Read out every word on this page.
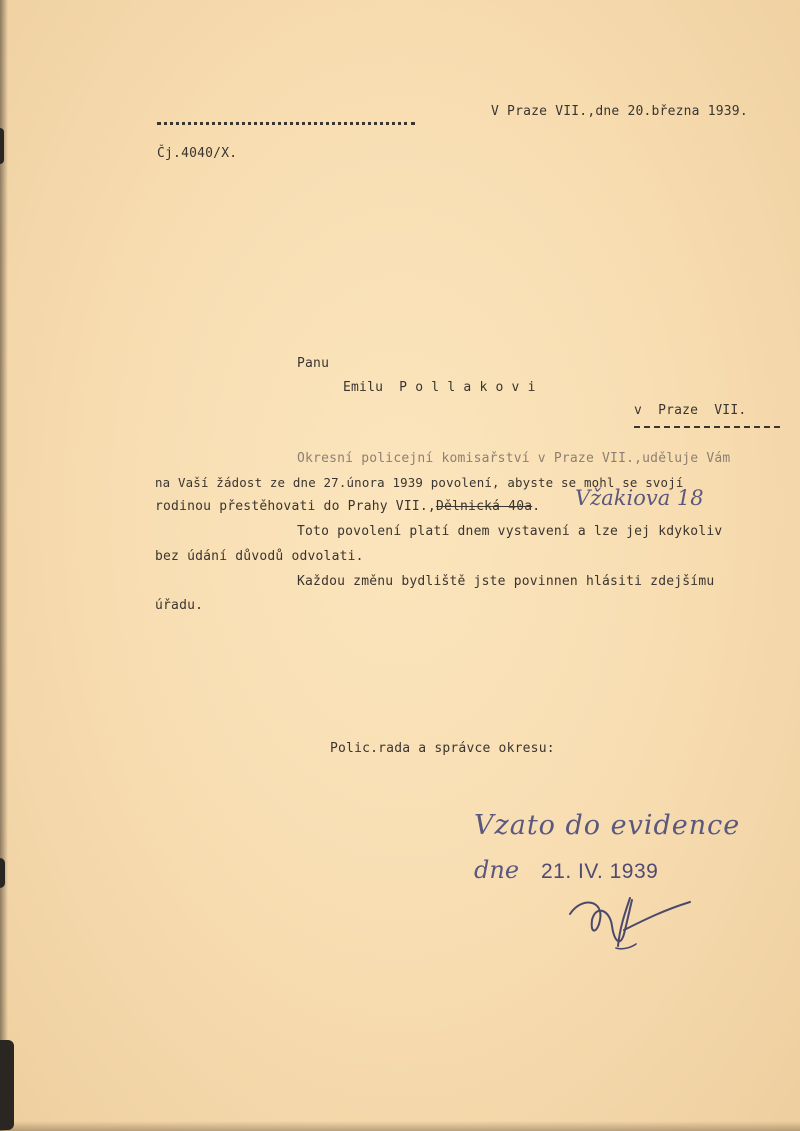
V Praze VII.,dne 20.března 1939.
Čj.4040/X.
Panu
Emilu  P o l l a k o v i
v  Praze  VII.
Okresní policejní komisařství v Praze VII.,uděluje Vám
na Vaší žádost ze dne 27.února 1939 povolení, abyste se mohl se svojí
rodinou přestěhovati do Prahy VII.,Dělnická 40a.
Toto povolení platí dnem vystavení a lze jej kdykoliv
bez údání důvodů odvolati.
Každou změnu bydliště jste povinnen hlásiti zdejšímu
úřadu.
Vžakiova 18
Polic.rada a správce okresu:
Vzato do evidence
dne 21. IV. 1939
